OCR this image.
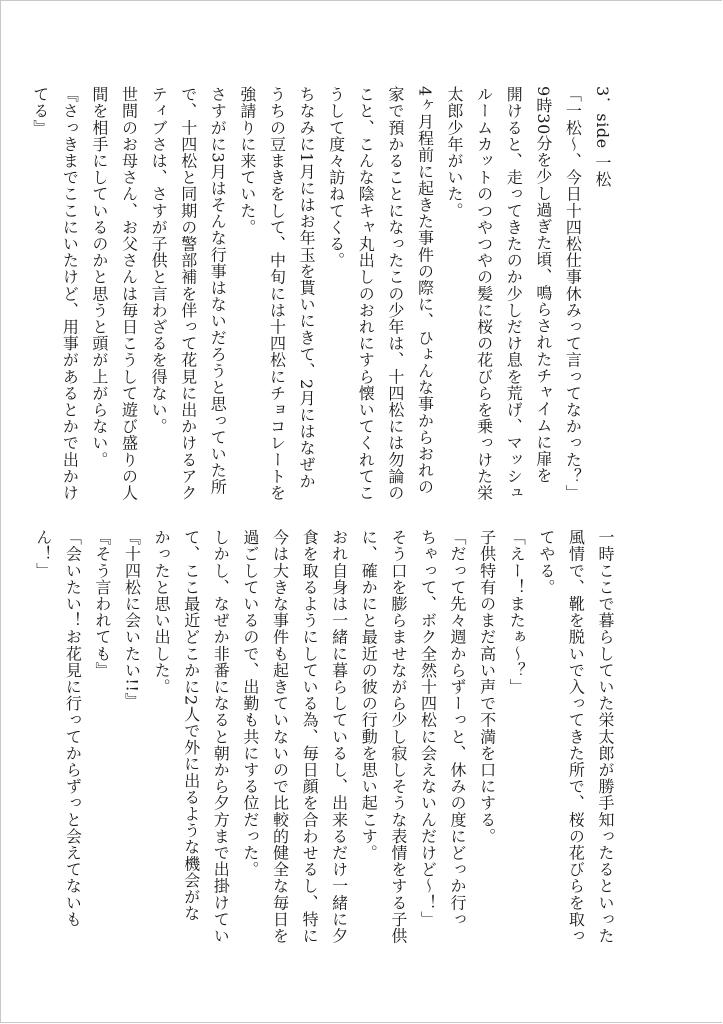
3．side 一松
「一松〜、今日十四松仕事休みって言ってなかった？」
9時30分を少し過ぎた頃、鳴らされたチャイムに扉を
開けると、走ってきたのか少しだけ息を荒げ、マッシュ
ルームカットのつやつやの髪に桜の花びらを乗っけた栄
太郎少年がいた。
4ヶ月程前に起きた事件の際に、ひょんな事からおれの
家で預かることになったこの少年は、十四松には勿論の
こと、こんな陰キャ丸出しのおれにすら懐いてくれてこ
うして度々訪ねてくる。
ちなみに1月にはお年玉を貰いにきて、2月にはなぜか
うちの豆まきをして、中旬には十四松にチョコレートを
強請りに来ていた。
さすがに3月はそんな行事はないだろうと思っていた所
で、十四松と同期の警部補を伴って花見に出かけるアク
ティブさは、さすが子供と言わざるを得ない。
世間のお母さん、お父さんは毎日こうして遊び盛りの人
間を相手にしているのかと思うと頭が上がらない。
『さっきまでここにいたけど、用事があるとかで出かけ
てる』
一時ここで暮らしていた栄太郎が勝手知ったるといった
風情で、靴を脱いで入ってきた所で、桜の花びらを取っ
てやる。
「えー！またぁ〜？」
子供特有のまだ高い声で不満を口にする。
「だって先々週からずーっと、休みの度にどっか行っ
ちゃって、ボク全然十四松に会えないんだけど〜！」
そう口を膨らませながら少し寂しそうな表情をする子供
に、確かにと最近の彼の行動を思い起こす。
おれ自身は一緒に暮らしているし、出来るだけ一緒に夕
食を取るようにしている為、毎日顔を合わせるし、特に
今は大きな事件も起きていないので比較的健全な毎日を
過ごしているので、出勤も共にする位だった。
しかし、なぜか非番になると朝から夕方まで出掛けてい
て、ここ最近どこかに2人で外に出るような機会がな
かったと思い出した。
『十四松に会いたい!!』
『そう言われても』
「会いたい！お花見に行ってからずっと会えてないも
ん！」
